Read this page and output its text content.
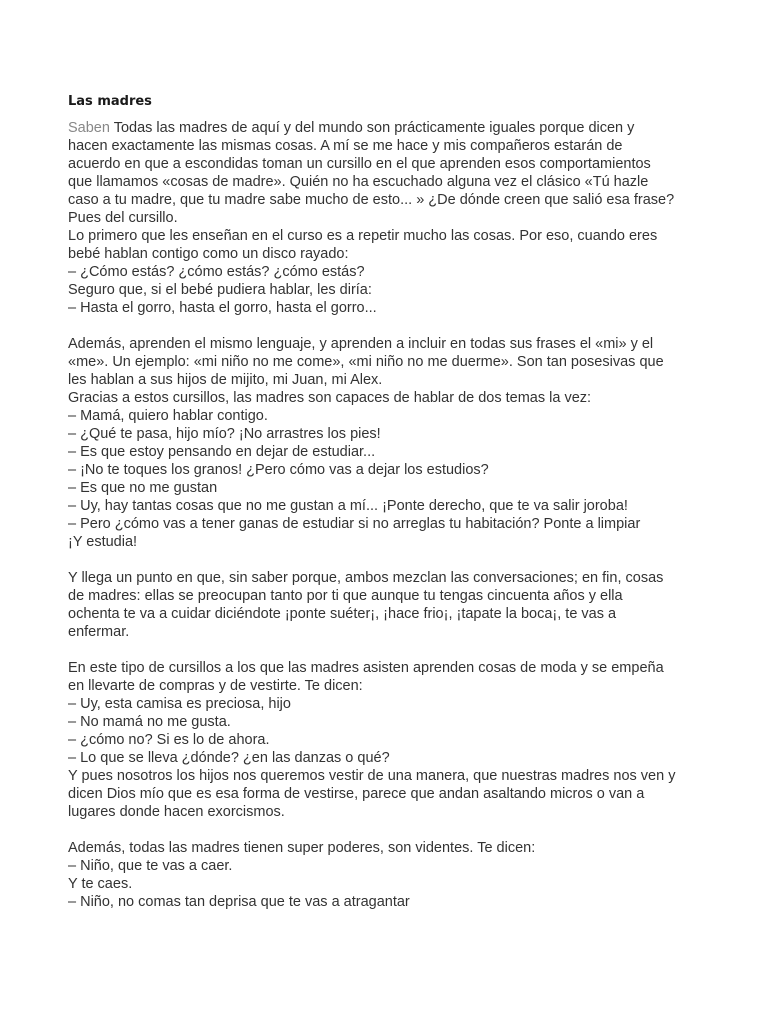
Las madres
Saben Todas las madres de aquí y del mundo son prácticamente iguales porque dicen y
hacen exactamente las mismas cosas. A mí se me hace y mis compañeros estarán de
acuerdo en que a escondidas toman un cursillo en el que aprenden esos comportamientos
que llamamos «cosas de madre». Quién no ha escuchado alguna vez el clásico «Tú hazle
caso a tu madre, que tu madre sabe mucho de esto... » ¿De dónde creen que salió esa frase?
Pues del cursillo.
Lo primero que les enseñan en el curso es a repetir mucho las cosas. Por eso, cuando eres
bebé hablan contigo como un disco rayado:
– ¿Cómo estás? ¿cómo estás? ¿cómo estás?
Seguro que, si el bebé pudiera hablar, les diría:
– Hasta el gorro, hasta el gorro, hasta el gorro...
Además, aprenden el mismo lenguaje, y aprenden a incluir en todas sus frases el «mi» y el
«me». Un ejemplo: «mi niño no me come», «mi niño no me duerme». Son tan posesivas que
les hablan a sus hijos de mijito, mi Juan, mi Alex.
Gracias a estos cursillos, las madres son capaces de hablar de dos temas la vez:
– Mamá, quiero hablar contigo.
– ¿Qué te pasa, hijo mío? ¡No arrastres los pies!
– Es que estoy pensando en dejar de estudiar...
– ¡No te toques los granos! ¿Pero cómo vas a dejar los estudios?
– Es que no me gustan
– Uy, hay tantas cosas que no me gustan a mí... ¡Ponte derecho, que te va salir joroba!
– Pero ¿cómo vas a tener ganas de estudiar si no arreglas tu habitación? Ponte a limpiar
¡Y estudia!
Y llega un punto en que, sin saber porque, ambos mezclan las conversaciones; en fin, cosas
de madres: ellas se preocupan tanto por ti que aunque tu tengas cincuenta años y ella
ochenta te va a cuidar diciéndote ¡ponte suéter¡, ¡hace frio¡, ¡tapate la boca¡, te vas a
enfermar.
En este tipo de cursillos a los que las madres asisten aprenden cosas de moda y se empeña
en llevarte de compras y de vestirte. Te dicen:
– Uy, esta camisa es preciosa, hijo
– No mamá no me gusta.
– ¿cómo no? Si es lo de ahora.
– Lo que se lleva ¿dónde? ¿en las danzas o qué?
Y pues nosotros los hijos nos queremos vestir de una manera, que nuestras madres nos ven y
dicen Dios mío que es esa forma de vestirse, parece que andan asaltando micros o van a
lugares donde hacen exorcismos.
Además, todas las madres tienen super poderes, son videntes. Te dicen:
– Niño, que te vas a caer.
Y te caes.
– Niño, no comas tan deprisa que te vas a atragantar
